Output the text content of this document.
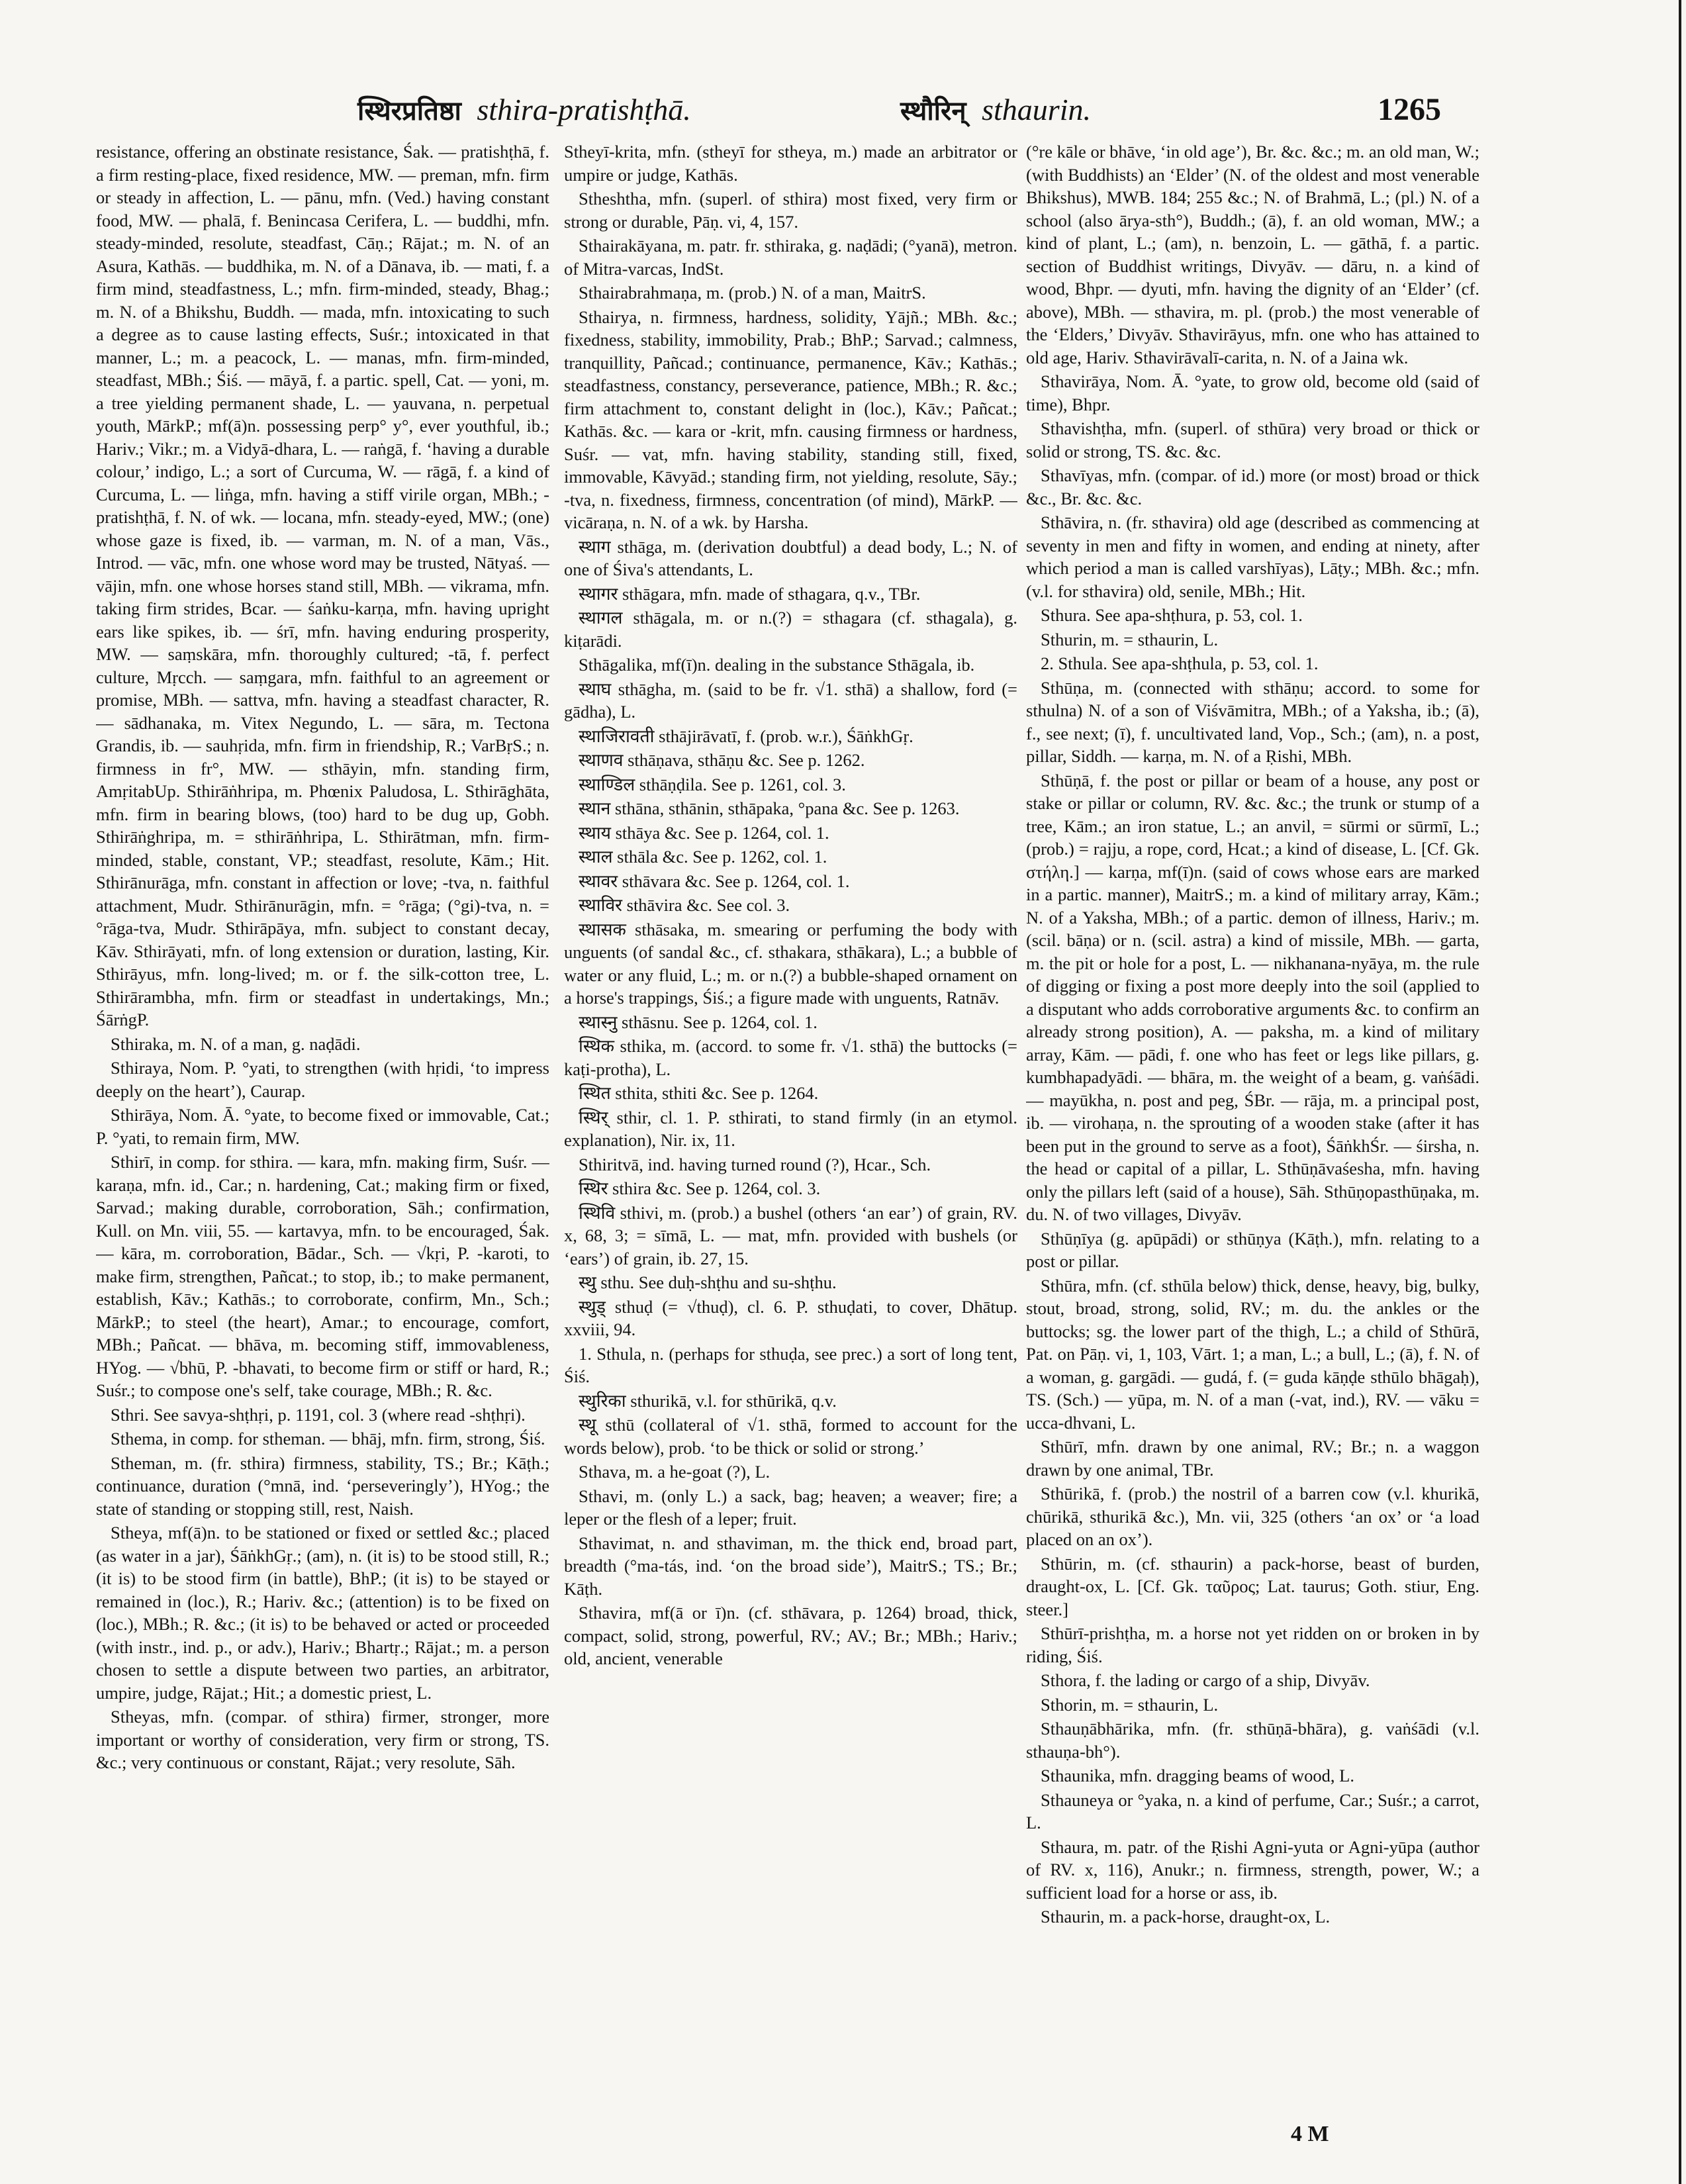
स्थिरप्रतिष्ठा sthira-pratishṭhā.	स्थौरिन् sthaurin.	1265

resistance, offering an obstinate resistance, Śak. — pratishṭhā, f. a firm resting-place, fixed residence, MW. — preman, mfn. firm or steady in affection, L. — pānu, mfn. (Ved.) having constant food, MW. — phalā, f. Benincasa Cerifera, L. — buddhi, mfn. steady-minded, resolute, steadfast, Cāṇ.; Rājat.; m. N. of an Asura, Kathās. — buddhika, m. N. of a Dānava, ib. — mati, f. a firm mind, steadfastness, L.; mfn. firm-minded, steady, Bhag.; m. N. of a Bhikshu, Buddh. — mada, mfn. intoxicating to such a degree as to cause lasting effects, Suśr.; intoxicated in that manner, L.; m. a peacock, L. — manas, mfn. firm-minded, steadfast, MBh.; Śiś. — māyā, f. a partic. spell, Cat. — yoni, m. a tree yielding permanent shade, L. — yauvana, n. perpetual youth, MārkP.; mf(ā)n. possessing perp° y°, ever youthful, ib.; Hariv.; Vikr.; m. a Vidyā-dhara, L. — raṅgā, f. ‘having a durable colour,’ indigo, L.; a sort of Curcuma, W. — rāgā, f. a kind of Curcuma, L. — liṅga, mfn. having a stiff virile organ, MBh.; -pratishṭhā, f. N. of wk. — locana, mfn. steady-eyed, MW.; (one) whose gaze is fixed, ib. — varman, m. N. of a man, Vās., Introd. — vāc, mfn. one whose word may be trusted, Nātyaś. — vājin, mfn. one whose horses stand still, MBh. — vikrama, mfn. taking firm strides, Bcar. — śaṅku-karṇa, mfn. having upright ears like spikes, ib. — śrī, mfn. having enduring prosperity, MW. — saṃskāra, mfn. thoroughly cultured; -tā, f. perfect culture, Mṛcch. — saṃgara, mfn. faithful to an agreement or promise, MBh. — sattva, mfn. having a steadfast character, R. — sādhanaka, m. Vitex Negundo, L. — sāra, m. Tectona Grandis, ib. — sauhṛida, mfn. firm in friendship, R.; VarBṛS.; n. firmness in fr°, MW. — sthāyin, mfn. standing firm, AmṛitabUp. Sthirāṅhripa, m. Phœnix Paludosa, L. Sthirāghāta, mfn. firm in bearing blows, (too) hard to be dug up, Gobh. Sthirāṅghripa, m. = sthirāṅhripa, L. Sthirātman, mfn. firm-minded, stable, constant, VP.; steadfast, resolute, Kām.; Hit. Sthirānurāga, mfn. constant in affection or love; -tva, n. faithful attachment, Mudr. Sthirānurāgin, mfn. = °rāga; (°gi)-tva, n. = °rāga-tva, Mudr. Sthirāpāya, mfn. subject to constant decay, Kāv. Sthirāyati, mfn. of long extension or duration, lasting, Kir. Sthirāyus, mfn. long-lived; m. or f. the silk-cotton tree, L. Sthirārambha, mfn. firm or steadfast in undertakings, Mn.; ŚārṅgP.

Sthiraka, m. N. of a man, g. naḍādi.

Sthiraya, Nom. P. °yati, to strengthen (with hṛidi, ‘to impress deeply on the heart’), Caurap.

Sthirāya, Nom. Ā. °yate, to become fixed or immovable, Cat.; P. °yati, to remain firm, MW.

Sthirī, in comp. for sthira. — kara, mfn. making firm, Suśr. — karaṇa, mfn. id., Car.; n. hardening, Cat.; making firm or fixed, Sarvad.; making durable, corroboration, Sāh.; confirmation, Kull. on Mn. viii, 55. — kartavya, mfn. to be encouraged, Śak. — kāra, m. corroboration, Bādar., Sch. — √kṛi, P. -karoti, to make firm, strengthen, Pañcat.; to stop, ib.; to make permanent, establish, Kāv.; Kathās.; to corroborate, confirm, Mn., Sch.; MārkP.; to steel (the heart), Amar.; to encourage, comfort, MBh.; Pañcat. — bhāva, m. becoming stiff, immovableness, HYog. — √bhū, P. -bhavati, to become firm or stiff or hard, R.; Suśr.; to compose one's self, take courage, MBh.; R. &c.

Sthri. See savya-shṭhṛi, p. 1191, col. 3 (where read -shṭhṛi).

Sthema, in comp. for stheman. — bhāj, mfn. firm, strong, Śiś.

Stheman, m. (fr. sthira) firmness, stability, TS.; Br.; Kāṭh.; continuance, duration (°mnā, ind. ‘perseveringly’), HYog.; the state of standing or stopping still, rest, Naish.

Stheya, mf(ā)n. to be stationed or fixed or settled &c.; placed (as water in a jar), ŚāṅkhGṛ.; (am), n. (it is) to be stood still, R.; (it is) to be stood firm (in battle), BhP.; (it is) to be stayed or remained in (loc.), R.; Hariv. &c.; (attention) is to be fixed on (loc.), MBh.; R. &c.; (it is) to be behaved or acted or proceeded (with instr., ind. p., or adv.), Hariv.; Bhartṛ.; Rājat.; m. a person chosen to settle a dispute between two parties, an arbitrator, umpire, judge, Rājat.; Hit.; a domestic priest, L.

Stheyas, mfn. (compar. of sthira) firmer, stronger, more important or worthy of consideration, very firm or strong, TS. &c.; very continuous or constant, Rājat.; very resolute, Sāh.

Stheyī-krita, mfn. (stheyī for stheya, m.) made an arbitrator or umpire or judge, Kathās.

Stheshtha, mfn. (superl. of sthira) most fixed, very firm or strong or durable, Pāṇ. vi, 4, 157.

Sthairakāyana, m. patr. fr. sthiraka, g. naḍādi; (°yanā), metron. of Mitra-varcas, IndSt.

Sthairabrahmaṇa, m. (prob.) N. of a man, MaitrS.

Sthairya, n. firmness, hardness, solidity, Yājñ.; MBh. &c.; fixedness, stability, immobility, Prab.; BhP.; Sarvad.; calmness, tranquillity, Pañcad.; continuance, permanence, Kāv.; Kathās.; steadfastness, constancy, perseverance, patience, MBh.; R. &c.; firm attachment to, constant delight in (loc.), Kāv.; Pañcat.; Kathās. &c. — kara or -krit, mfn. causing firmness or hardness, Suśr. — vat, mfn. having stability, standing still, fixed, immovable, Kāvyād.; standing firm, not yielding, resolute, Sāy.; -tva, n. fixedness, firmness, concentration (of mind), MārkP. — vicāraṇa, n. N. of a wk. by Harsha.

स्थाग sthāga, m. (derivation doubtful) a dead body, L.; N. of one of Śiva's attendants, L.

स्थागर sthāgara, mfn. made of sthagara, q.v., TBr.

स्थागल sthāgala, m. or n.(?) = sthagara (cf. sthagala), g. kiṭarādi.

Sthāgalika, mf(ī)n. dealing in the substance Sthāgala, ib.

स्थाघ sthāgha, m. (said to be fr. √1. sthā) a shallow, ford (= gādha), L.

स्थाजिरावती sthājirāvatī, f. (prob. w.r.), ŚāṅkhGṛ.

स्थाणव sthāṇava, sthāṇu &c. See p. 1262.

स्थाण्डिल sthāṇḍila. See p. 1261, col. 3.

स्थान sthāna, sthānin, sthāpaka, °pana &c. See p. 1263.

स्थाय sthāya &c. See p. 1264, col. 1.

स्थाल sthāla &c. See p. 1262, col. 1.

स्थावर sthāvara &c. See p. 1264, col. 1.

स्थाविर sthāvira &c. See col. 3.

स्थासक sthāsaka, m. smearing or perfuming the body with unguents (of sandal &c., cf. sthakara, sthākara), L.; a bubble of water or any fluid, L.; m. or n.(?) a bubble-shaped ornament on a horse's trappings, Śiś.; a figure made with unguents, Ratnāv.

स्थास्नु sthāsnu. See p. 1264, col. 1.

स्थिक sthika, m. (accord. to some fr. √1. sthā) the buttocks (= kaṭi-protha), L.

स्थित sthita, sthiti &c. See p. 1264.

स्थिर् sthir, cl. 1. P. sthirati, to stand firmly (in an etymol. explanation), Nir. ix, 11.

Sthiritvā, ind. having turned round (?), Hcar., Sch.

स्थिर sthira &c. See p. 1264, col. 3.

स्थिवि sthivi, m. (prob.) a bushel (others ‘an ear’) of grain, RV. x, 68, 3; = sīmā, L. — mat, mfn. provided with bushels (or ‘ears’) of grain, ib. 27, 15.

स्थु sthu. See duḥ-shṭhu and su-shṭhu.

स्थुड् sthuḍ (= √thuḍ), cl. 6. P. sthuḍati, to cover, Dhātup. xxviii, 94.

1. Sthula, n. (perhaps for sthuḍa, see prec.) a sort of long tent, Śiś.

स्थुरिका sthurikā, v.l. for sthūrikā, q.v.

स्थू sthū (collateral of √1. sthā, formed to account for the words below), prob. ‘to be thick or solid or strong.’

Sthava, m. a he-goat (?), L.

Sthavi, m. (only L.) a sack, bag; heaven; a weaver; fire; a leper or the flesh of a leper; fruit.

Sthavimat, n. and sthaviman, m. the thick end, broad part, breadth (°ma-tás, ind. ‘on the broad side’), MaitrS.; TS.; Br.; Kāṭh.

Sthavira, mf(ā or ī)n. (cf. sthāvara, p. 1264) broad, thick, compact, solid, strong, powerful, RV.; AV.; Br.; MBh.; Hariv.; old, ancient, venerable

(°re kāle or bhāve, ‘in old age’), Br. &c. &c.; m. an old man, W.; (with Buddhists) an ‘Elder’ (N. of the oldest and most venerable Bhikshus), MWB. 184; 255 &c.; N. of Brahmā, L.; (pl.) N. of a school (also ārya-sth°), Buddh.; (ā), f. an old woman, MW.; a kind of plant, L.; (am), n. benzoin, L. — gāthā, f. a partic. section of Buddhist writings, Divyāv. — dāru, n. a kind of wood, Bhpr. — dyuti, mfn. having the dignity of an ‘Elder’ (cf. above), MBh. — sthavira, m. pl. (prob.) the most venerable of the ‘Elders,’ Divyāv. Sthavirāyus, mfn. one who has attained to old age, Hariv. Sthavirāvalī-carita, n. N. of a Jaina wk.

Sthavirāya, Nom. Ā. °yate, to grow old, become old (said of time), Bhpr.

Sthavishṭha, mfn. (superl. of sthūra) very broad or thick or solid or strong, TS. &c. &c.

Sthavīyas, mfn. (compar. of id.) more (or most) broad or thick &c., Br. &c. &c.

Sthāvira, n. (fr. sthavira) old age (described as commencing at seventy in men and fifty in women, and ending at ninety, after which period a man is called varshīyas), Lāṭy.; MBh. &c.; mfn. (v.l. for sthavira) old, senile, MBh.; Hit.

Sthura. See apa-shṭhura, p. 53, col. 1.

Sthurin, m. = sthaurin, L.

2. Sthula. See apa-shṭhula, p. 53, col. 1.

Sthūṇa, m. (connected with sthāṇu; accord. to some for sthulna) N. of a son of Viśvāmitra, MBh.; of a Yaksha, ib.; (ā), f., see next; (ī), f. uncultivated land, Vop., Sch.; (am), n. a post, pillar, Siddh. — karṇa, m. N. of a Ṛishi, MBh.

Sthūṇā, f. the post or pillar or beam of a house, any post or stake or pillar or column, RV. &c. &c.; the trunk or stump of a tree, Kām.; an iron statue, L.; an anvil, = sūrmi or sūrmī, L.; (prob.) = rajju, a rope, cord, Hcat.; a kind of disease, L. [Cf. Gk. στήλη.] — karṇa, mf(ī)n. (said of cows whose ears are marked in a partic. manner), MaitrS.; m. a kind of military array, Kām.; N. of a Yaksha, MBh.; of a partic. demon of illness, Hariv.; m. (scil. bāṇa) or n. (scil. astra) a kind of missile, MBh. — garta, m. the pit or hole for a post, L. — nikhanana-nyāya, m. the rule of digging or fixing a post more deeply into the soil (applied to a disputant who adds corroborative arguments &c. to confirm an already strong position), A. — paksha, m. a kind of military array, Kām. — pādi, f. one who has feet or legs like pillars, g. kumbhapadyādi. — bhāra, m. the weight of a beam, g. vaṅśādi. — mayūkha, n. post and peg, ŚBr. — rāja, m. a principal post, ib. — virohaṇa, n. the sprouting of a wooden stake (after it has been put in the ground to serve as a foot), ŚāṅkhŚr. — śirsha, n. the head or capital of a pillar, L. Sthūṇāvaśesha, mfn. having only the pillars left (said of a house), Sāh. Sthūṇopasthūṇaka, m. du. N. of two villages, Divyāv.

Sthūṇīya (g. apūpādi) or sthūṇya (Kāṭh.), mfn. relating to a post or pillar.

Sthūra, mfn. (cf. sthūla below) thick, dense, heavy, big, bulky, stout, broad, strong, solid, RV.; m. du. the ankles or the buttocks; sg. the lower part of the thigh, L.; a child of Sthūrā, Pat. on Pāṇ. vi, 1, 103, Vārt. 1; a man, L.; a bull, L.; (ā), f. N. of a woman, g. gargādi. — gudá, f. (= guda kāṇḍe sthūlo bhāgaḥ), TS. (Sch.) — yūpa, m. N. of a man (-vat, ind.), RV. — vāku = ucca-dhvani, L.

Sthūrī, mfn. drawn by one animal, RV.; Br.; n. a waggon drawn by one animal, TBr.

Sthūrikā, f. (prob.) the nostril of a barren cow (v.l. khurikā, chūrikā, sthurikā &c.), Mn. vii, 325 (others ‘an ox’ or ‘a load placed on an ox’).

Sthūrin, m. (cf. sthaurin) a pack-horse, beast of burden, draught-ox, L. [Cf. Gk. ταῦρος; Lat. taurus; Goth. stiur, Eng. steer.]

Sthūrī-prishṭha, m. a horse not yet ridden on or broken in by riding, Śiś.

Sthora, f. the lading or cargo of a ship, Divyāv.

Sthorin, m. = sthaurin, L.

Sthauṇābhārika, mfn. (fr. sthūṇā-bhāra), g. vaṅśādi (v.l. sthauṇa-bh°).

Sthaunika, mfn. dragging beams of wood, L.

Sthauneya or °yaka, n. a kind of perfume, Car.; Suśr.; a carrot, L.

Sthaura, m. patr. of the Ṛishi Agni-yuta or Agni-yūpa (author of RV. x, 116), Anukr.; n. firmness, strength, power, W.; a sufficient load for a horse or ass, ib.

Sthaurin, m. a pack-horse, draught-ox, L.

4 M
